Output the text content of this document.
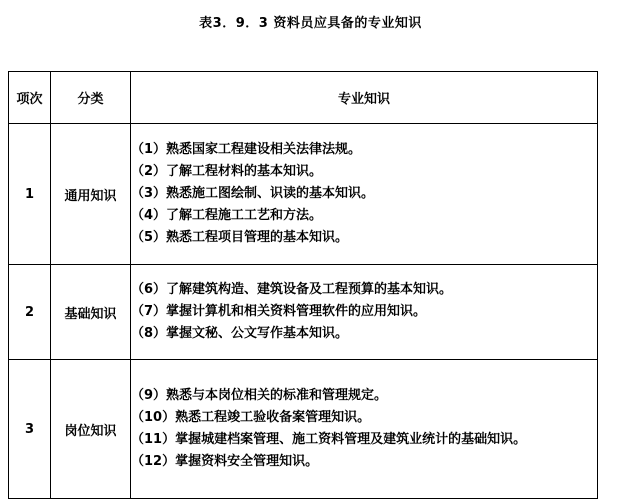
表3．9．3 资料员应具备的专业知识
项次	分类	专业知识
1	通用知识	（1）熟悉国家工程建设相关法律法规。
（2）了解工程材料的基本知识。
（3）熟悉施工图绘制、识读的基本知识。
（4）了解工程施工工艺和方法。
（5）熟悉工程项目管理的基本知识。

2	基础知识	（6）了解建筑构造、建筑设备及工程预算的基本知识。
（7）掌握计算机和相关资料管理软件的应用知识。
（8）掌握文秘、公文写作基本知识。

3	岗位知识	（9）熟悉与本岗位相关的标准和管理规定。
（10）熟悉工程竣工验收备案管理知识。
（11）掌握城建档案管理、施工资料管理及建筑业统计的基础知识。
（12）掌握资料安全管理知识。
